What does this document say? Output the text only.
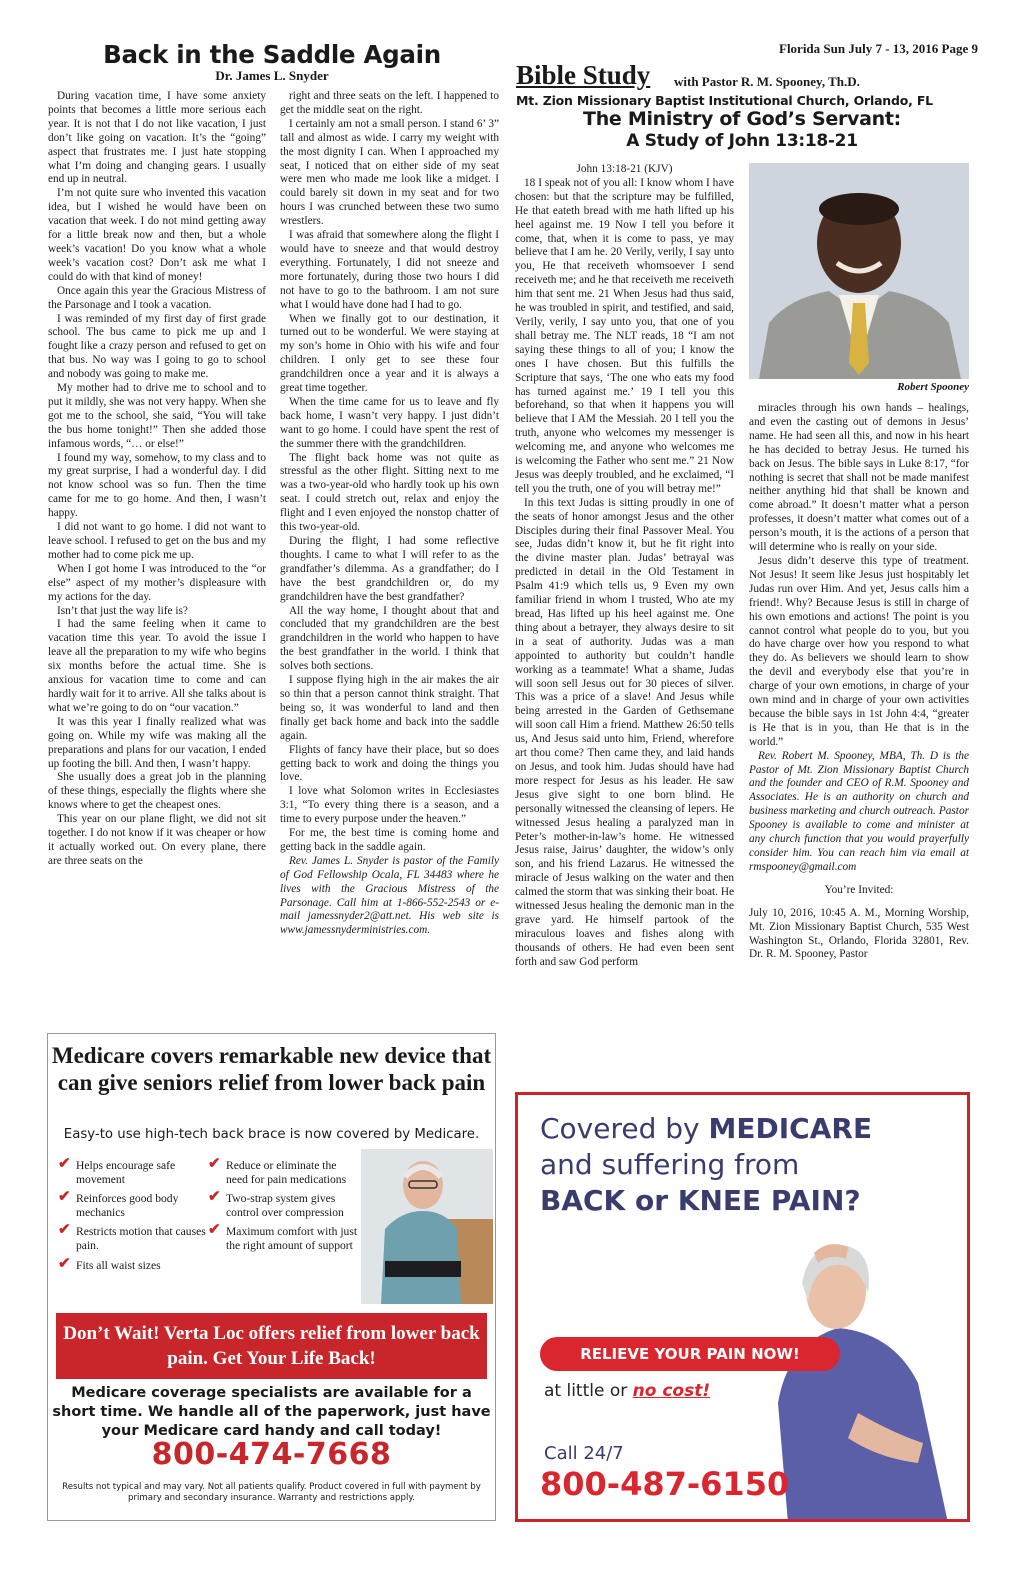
Florida Sun July 7 - 13, 2016 Page 9
Back in the Saddle Again
Dr. James L. Snyder

During vacation time, I have some anxiety points that becomes a little more serious each year. It is not that I do not like vacation, I just don’t like going on vacation. It’s the “going” aspect that frustrates me. I just hate stopping what I’m doing and changing gears. I usually end up in neutral.

I’m not quite sure who invented this vacation idea, but I wished he would have been on vacation that week. I do not mind getting away for a little break now and then, but a whole week’s vacation! Do you know what a whole week’s vacation cost? Don’t ask me what I could do with that kind of money!

Once again this year the Gracious Mistress of the Parsonage and I took a vacation.

I was reminded of my first day of first grade school. The bus came to pick me up and I fought like a crazy person and refused to get on that bus. No way was I going to go to school and nobody was going to make me.

My mother had to drive me to school and to put it mildly, she was not very happy. When she got me to the school, she said, “You will take the bus home tonight!” Then she added those infamous words, “… or else!”

I found my way, somehow, to my class and to my great surprise, I had a wonderful day. I did not know school was so fun. Then the time came for me to go home. And then, I wasn’t happy.

I did not want to go home. I did not want to leave school. I refused to get on the bus and my mother had to come pick me up.

When I got home I was introduced to the “or else” aspect of my mother’s displeasure with my actions for the day.

Isn’t that just the way life is?

I had the same feeling when it came to vacation time this year. To avoid the issue I leave all the preparation to my wife who begins six months before the actual time. She is anxious for vacation time to come and can hardly wait for it to arrive. All she talks about is what we’re going to do on “our vacation.”

It was this year I finally realized what was going on. While my wife was making all the preparations and plans for our vacation, I ended up footing the bill. And then, I wasn’t happy.

She usually does a great job in the planning of these things, especially the flights where she knows where to get the cheapest ones.

This year on our plane flight, we did not sit together. I do not know if it was cheaper or how it actually worked out. On every plane, there are three seats on the

right and three seats on the left. I happened to get the middle seat on the right.

I certainly am not a small person. I stand 6’ 3” tall and almost as wide. I carry my weight with the most dignity I can. When I approached my seat, I noticed that on either side of my seat were men who made me look like a midget. I could barely sit down in my seat and for two hours I was crunched between these two sumo wrestlers.

I was afraid that somewhere along the flight I would have to sneeze and that would destroy everything. Fortunately, I did not sneeze and more fortunately, during those two hours I did not have to go to the bathroom. I am not sure what I would have done had I had to go.

When we finally got to our destination, it turned out to be wonderful. We were staying at my son’s home in Ohio with his wife and four children. I only get to see these four grandchildren once a year and it is always a great time together.

When the time came for us to leave and fly back home, I wasn’t very happy. I just didn’t want to go home. I could have spent the rest of the summer there with the grandchildren.

The flight back home was not quite as stressful as the other flight. Sitting next to me was a two-year-old who hardly took up his own seat. I could stretch out, relax and enjoy the flight and I even enjoyed the nonstop chatter of this two-year-old.

During the flight, I had some reflective thoughts. I came to what I will refer to as the grandfather’s dilemma. As a grandfather; do I have the best grandchildren or, do my grandchildren have the best grandfather?

All the way home, I thought about that and concluded that my grandchildren are the best grandchildren in the world who happen to have the best grandfather in the world. I think that solves both sections.

I suppose flying high in the air makes the air so thin that a person cannot think straight. That being so, it was wonderful to land and then finally get back home and back into the saddle again.

Flights of fancy have their place, but so does getting back to work and doing the things you love.

I love what Solomon writes in Ecclesiastes 3:1, “To every thing there is a season, and a time to every purpose under the heaven.”

For me, the best time is coming home and getting back in the saddle again.

Rev. James L. Snyder is pastor of the Family of God Fellowship Ocala, FL 34483 where he lives with the Gracious Mistress of the Parsonage. Call him at 1-866-552-2543 or e-mail jamessnyder2@att.net. His web site is www.jamessnyderministries.com.

Bible Study with Pastor R. M. Spooney, Th.D.
Mt. Zion Missionary Baptist Institutional Church, Orlando, FL
The Ministry of God’s Servant:
A Study of John 13:18-21

John 13:18-21 (KJV)

18 I speak not of you all: I know whom I have chosen: but that the scripture may be fulfilled, He that eateth bread with me hath lifted up his heel against me. 19 Now I tell you before it come, that, when it is come to pass, ye may believe that I am he. 20 Verily, verily, I say unto you, He that receiveth whomsoever I send receiveth me; and he that receiveth me receiveth him that sent me. 21 When Jesus had thus said, he was troubled in spirit, and testified, and said, Verily, verily, I say unto you, that one of you shall betray me. The NLT reads, 18 “I am not saying these things to all of you; I know the ones I have chosen. But this fulfills the Scripture that says, ‘The one who eats my food has turned against me.’ 19 I tell you this beforehand, so that when it happens you will believe that I AM the Messiah. 20 I tell you the truth, anyone who welcomes my messenger is welcoming me, and anyone who welcomes me is welcoming the Father who sent me.” 21 Now Jesus was deeply troubled, and he exclaimed, “I tell you the truth, one of you will betray me!”

In this text Judas is sitting proudly in one of the seats of honor amongst Jesus and the other Disciples during their final Passover Meal. You see, Judas didn’t know it, but he fit right into the divine master plan. Judas’ betrayal was predicted in detail in the Old Testament in Psalm 41:9 which tells us, 9 Even my own familiar friend in whom I trusted, Who ate my bread, Has lifted up his heel against me. One thing about a betrayer, they always desire to sit in a seat of authority. Judas was a man appointed to authority but couldn’t handle working as a teammate! What a shame, Judas will soon sell Jesus out for 30 pieces of silver. This was a price of a slave! And Jesus while being arrested in the Garden of Gethsemane will soon call Him a friend. Matthew 26:50 tells us, And Jesus said unto him, Friend, wherefore art thou come? Then came they, and laid hands on Jesus, and took him. Judas should have had more respect for Jesus as his leader. He saw Jesus give sight to one born blind. He personally witnessed the cleansing of lepers. He witnessed Jesus healing a paralyzed man in Peter’s mother-in-law’s home. He witnessed Jesus raise, Jairus’ daughter, the widow’s only son, and his friend Lazarus. He witnessed the miracle of Jesus walking on the water and then calmed the storm that was sinking their boat. He witnessed Jesus healing the demonic man in the grave yard. He himself partook of the miraculous loaves and fishes along with thousands of others. He had even been sent forth and saw God perform

Robert Spooney

miracles through his own hands – healings, and even the casting out of demons in Jesus’ name. He had seen all this, and now in his heart he has decided to betray Jesus. He turned his back on Jesus. The bible says in Luke 8:17, “for nothing is secret that shall not be made manifest neither anything hid that shall be known and come abroad.” It doesn’t matter what a person professes, it doesn’t matter what comes out of a person’s mouth, it is the actions of a person that will determine who is really on your side.

Jesus didn’t deserve this type of treatment. Not Jesus! It seem like Jesus just hospitably let Judas run over Him. And yet, Jesus calls him a friend!. Why? Because Jesus is still in charge of his own emotions and actions! The point is you cannot control what people do to you, but you do have charge over how you respond to what they do. As believers we should learn to show the devil and everybody else that you’re in charge of your own emotions, in charge of your own mind and in charge of your own activities because the bible says in 1st John 4:4, “greater is He that is in you, than He that is in the world.”

Rev. Robert M. Spooney, MBA, Th. D is the Pastor of Mt. Zion Missionary Baptist Church and the founder and CEO of R.M. Spooney and Associates. He is an authority on church and business marketing and church outreach. Pastor Spooney is available to come and minister at any church function that you would prayerfully consider him. You can reach him via email at rmspooney@gmail.com

You’re Invited:

July 10, 2016, 10:45 A. M., Morning Worship, Mt. Zion Missionary Baptist Church, 535 West Washington St., Orlando, Florida 32801, Rev. Dr. R. M. Spooney, Pastor

Medicare covers remarkable new device that can give seniors relief from lower back pain
Easy-to use high-tech back brace is now covered by Medicare.
✔ Helps encourage safe movement
✔ Reinforces good body mechanics
✔ Restricts motion that causes pain.
✔ Fits all waist sizes
✔ Reduce or eliminate the need for pain medications
✔ Two-strap system gives control over compression
✔ Maximum comfort with just the right amount of support
Don’t Wait! Verta Loc offers relief from lower back pain. Get Your Life Back!
Medicare coverage specialists are available for a short time. We handle all of the paperwork, just have your Medicare card handy and call today!
800-474-7668
Results not typical and may vary. Not all patients qualify. Product covered in full with payment by primary and secondary insurance. Warranty and restrictions apply.
Covered by MEDICARE
and suffering from
BACK or KNEE PAIN?
RELIEVE YOUR PAIN NOW!
at little or no cost!
Call 24/7
800-487-6150
